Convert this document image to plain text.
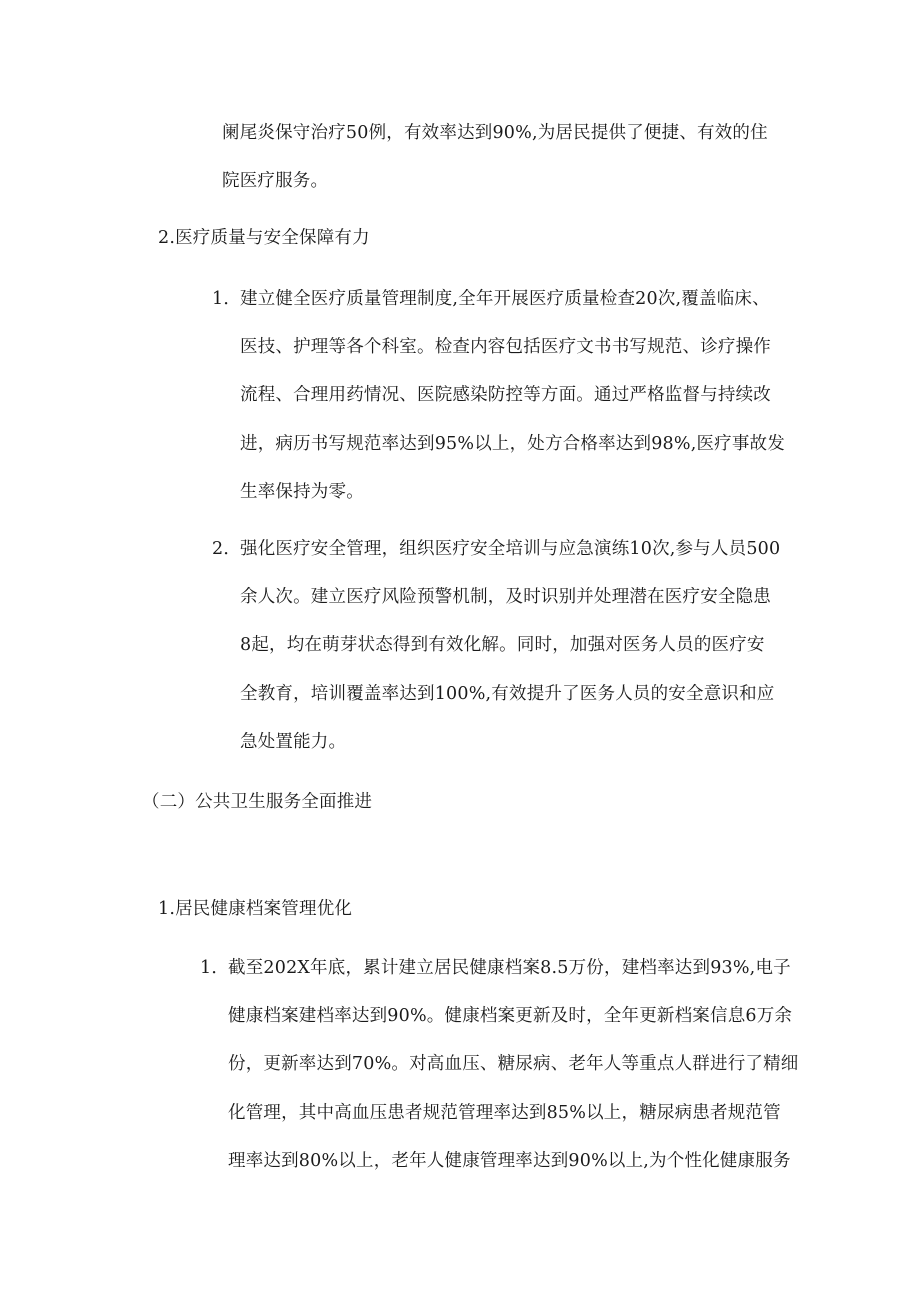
阑尾炎保守治疗50例，有效率达到90%,为居民提供了便捷、有效的住
院医疗服务。
2.医疗质量与安全保障有力
1．建立健全医疗质量管理制度,全年开展医疗质量检查20次,覆盖临床、
医技、护理等各个科室。检查内容包括医疗文书书写规范、诊疗操作
流程、合理用药情况、医院感染防控等方面。通过严格监督与持续改
进，病历书写规范率达到95%以上，处方合格率达到98%,医疗事故发
生率保持为零。
2．强化医疗安全管理，组织医疗安全培训与应急演练10次,参与人员500
余人次。建立医疗风险预警机制，及时识别并处理潜在医疗安全隐患
8起，均在萌芽状态得到有效化解。同时，加强对医务人员的医疗安
全教育，培训覆盖率达到100%,有效提升了医务人员的安全意识和应
急处置能力。
（二）公共卫生服务全面推进
1.居民健康档案管理优化
1．截至202X年底，累计建立居民健康档案8.5万份，建档率达到93%,电子
健康档案建档率达到90%。健康档案更新及时，全年更新档案信息6万余
份，更新率达到70%。对高血压、糖尿病、老年人等重点人群进行了精细
化管理，其中高血压患者规范管理率达到85%以上，糖尿病患者规范管
理率达到80%以上，老年人健康管理率达到90%以上,为个性化健康服务
